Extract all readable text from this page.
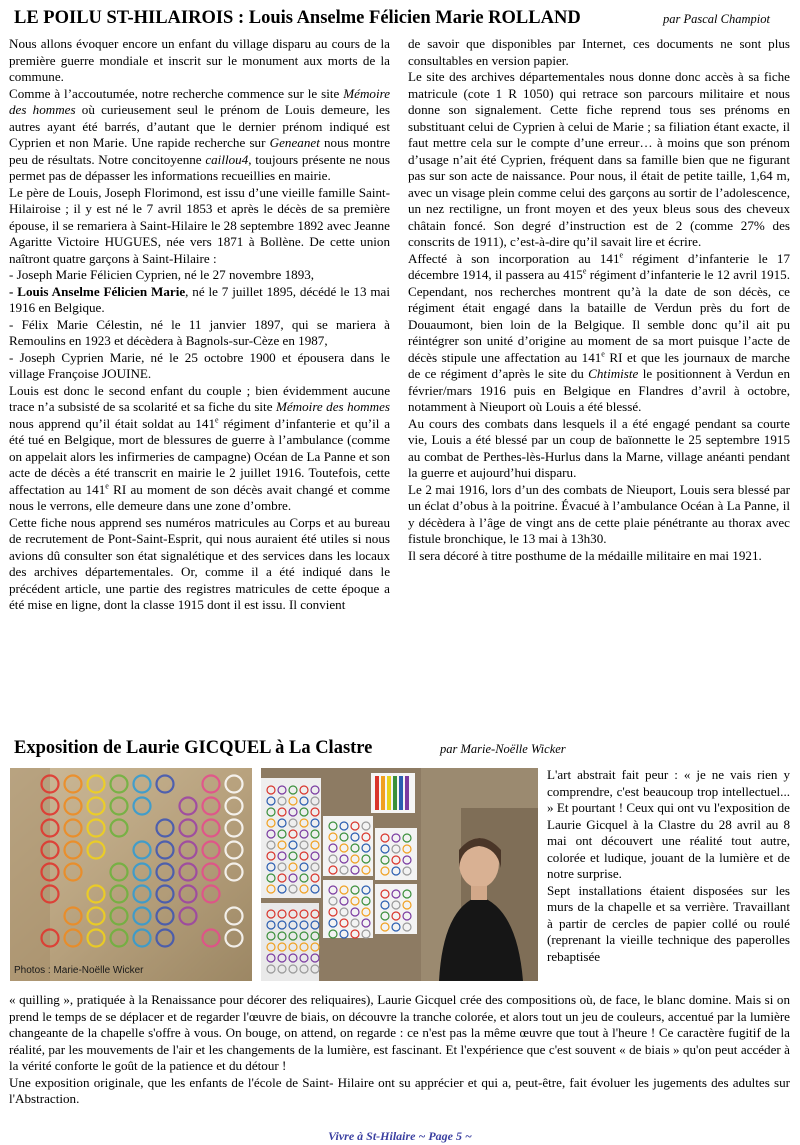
LE POILU ST-HILAIROIS : Louis Anselme Félicien Marie ROLLAND	par Pascal Champiot

Nous allons évoquer encore un enfant du village disparu au cours de la première guerre mondiale et inscrit sur le monument aux morts de la commune.

Comme à l’accoutumée, notre recherche commence sur le site Mémoire des hommes où curieusement seul le prénom de Louis demeure, les autres ayant été barrés, d’autant que le dernier prénom indiqué est Cyprien et non Marie. Une rapide recherche sur Geneanet nous montre peu de résultats. Notre concitoyenne caillou4, toujours présente ne nous permet pas de dépasser les informations recueillies en mairie.

Le père de Louis, Joseph Florimond, est issu d’une vieille famille Saint-Hilairoise ; il y est né le 7 avril 1853 et après le décès de sa première épouse, il se remariera à Saint-Hilaire le 28 septembre 1892 avec Jeanne Agaritte Victoire HUGUES, née vers 1871 à Bollène. De cette union naîtront quatre garçons à Saint-Hilaire :

- Joseph Marie Félicien Cyprien, né le 27 novembre 1893,

- Louis Anselme Félicien Marie, né le 7 juillet 1895, décédé le 13 mai 1916 en Belgique.

- Félix Marie Célestin, né le 11 janvier 1897, qui se mariera à Remoulins en 1923 et décèdera à Bagnols-sur-Cèze en 1987,

- Joseph Cyprien Marie, né le 25 octobre 1900 et épousera dans le village Françoise JOUINE.

Louis est donc le second enfant du couple ; bien évidemment aucune trace n’a subsisté de sa scolarité et sa fiche du site Mémoire des hommes nous apprend qu’il était soldat au 141e régiment d’infanterie et qu’il a été tué en Belgique, mort de blessures de guerre à l’ambulance (comme on appelait alors les infirmeries de campagne) Océan de La Panne et son acte de décès a été transcrit en mairie le 2 juillet 1916. Toutefois, cette affectation au 141e RI au moment de son décès avait changé et comme nous le verrons, elle demeure dans une zone d’ombre.

Cette fiche nous apprend ses numéros matricules au Corps et au bureau de recrutement de Pont-Saint-Esprit, qui nous auraient été utiles si nous avions dû consulter son état signalétique et des services dans les locaux des archives départementales. Or, comme il a été indiqué dans le précédent article, une partie des registres matricules de cette époque a été mise en ligne, dont la classe 1915 dont il est issu. Il convient

de savoir que disponibles par Internet, ces documents ne sont plus consultables en version papier.

Le site des archives départementales nous donne donc accès à sa fiche matricule (cote 1 R 1050) qui retrace son parcours militaire et nous donne son signalement. Cette fiche reprend tous ses prénoms en substituant celui de Cyprien à celui de Marie ; sa filiation étant exacte, il faut mettre cela sur le compte d’une erreur… à moins que son prénom d’usage n’ait été Cyprien, fréquent dans sa famille bien que ne figurant pas sur son acte de naissance. Pour nous, il était de petite taille, 1,64 m, avec un visage plein comme celui des garçons au sortir de l’adolescence, un nez rectiligne, un front moyen et des yeux bleus sous des cheveux châtain foncé. Son degré d’instruction est de 2 (comme 27% des conscrits de 1911), c’est-à-dire qu’il savait lire et écrire.

Affecté à son incorporation au 141e régiment d’infanterie le 17 décembre 1914, il passera au 415e régiment d’infanterie le 12 avril 1915. Cependant, nos recherches montrent qu’à la date de son décès, ce régiment était engagé dans la bataille de Verdun près du fort de Douaumont, bien loin de la Belgique. Il semble donc qu’il ait pu réintégrer son unité d’origine au moment de sa mort puisque l’acte de décès stipule une affectation au 141e RI et que les journaux de marche de ce régiment d’après le site du Chtimiste le positionnent à Verdun en février/mars 1916 puis en Belgique en Flandres d’avril à octobre, notamment à Nieuport où Louis a été blessé.

Au cours des combats dans lesquels il a été engagé pendant sa courte vie, Louis a été blessé par un coup de baïonnette le 25 septembre 1915 au combat de Perthes-lès-Hurlus dans la Marne, village anéanti pendant la guerre et aujourd’hui disparu.

Le 2 mai 1916, lors d’un des combats de Nieuport, Louis sera blessé par un éclat d’obus à la poitrine. Évacué à l’ambulance Océan à La Panne, il y décèdera à l’âge de vingt ans de cette plaie pénétrante au thorax avec fistule bronchique, le 13 mai à 13h30.

Il sera décoré à titre posthume de la médaille militaire en mai 1921.

Exposition de Laurie GICQUEL à La Clastre	par Marie-Noëlle Wicker
Photos : Marie-Noëlle Wicker

L'art abstrait fait peur : « je ne vais rien y comprendre, c'est beaucoup trop intellectuel... » Et pourtant ! Ceux qui ont vu l'exposition de Laurie Gicquel à la Clastre du 28 avril au 8 mai ont découvert une réalité tout autre, colorée et ludique, jouant de la lumière et de notre surprise.

Sept installations étaient disposées sur les murs de la chapelle et sa verrière. Travaillant à partir de cercles de papier collé ou roulé (reprenant la vieille technique des paperolles rebaptisée

« quilling », pratiquée à la Renaissance pour décorer des reliquaires), Laurie Gicquel crée des compositions où, de face, le blanc domine. Mais si on prend le temps de se déplacer et de regarder l'œuvre de biais, on découvre la tranche colorée, et alors tout un jeu de couleurs, accentué par la lumière changeante de la chapelle s'offre à vous. On bouge, on attend, on regarde : ce n'est pas la même œuvre que tout à l'heure ! Ce caractère fugitif de la réalité, par les mouvements de l'air et les changements de la lumière, est fascinant. Et l'expérience que c'est souvent « de biais » qu'on peut accéder à la vérité conforte le goût de la patience et du détour !

Une exposition originale, que les enfants de l'école de Saint- Hilaire ont su apprécier et qui a, peut-être, fait évoluer les jugements des adultes sur l'Abstraction.

Vivre à St-Hilaire ~ Page 5 ~
